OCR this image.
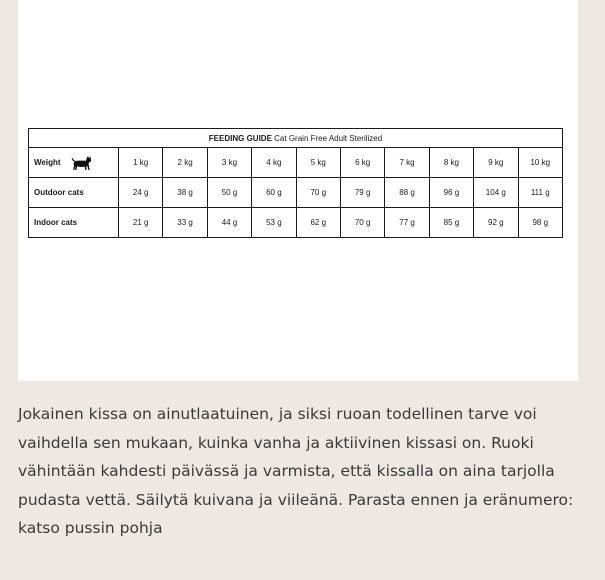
FEEDING GUIDE Cat Grain Free Adult Sterilized										
Weight	1 kg	2 kg	3 kg	4 kg	5 kg	6 kg	7 kg	8 kg	9 kg	10 kg
Outdoor cats	24 g	38 g	50 g	60 g	70 g	79 g	88 g	96 g	104 g	111 g
Indoor cats	21 g	33 g	44 g	53 g	62 g	70 g	77 g	85 g	92 g	98 g

Jokainen kissa on ainutlaatuinen, ja siksi ruoan todellinen tarve voi vaihdella sen mukaan, kuinka vanha ja aktiivinen kissasi on. Ruoki vähintään kahdesti päivässä ja varmista, että kissalla on aina tarjolla pudasta vettä. Säilytä kuivana ja viileänä. Parasta ennen ja eränumero: katso pussin pohja
